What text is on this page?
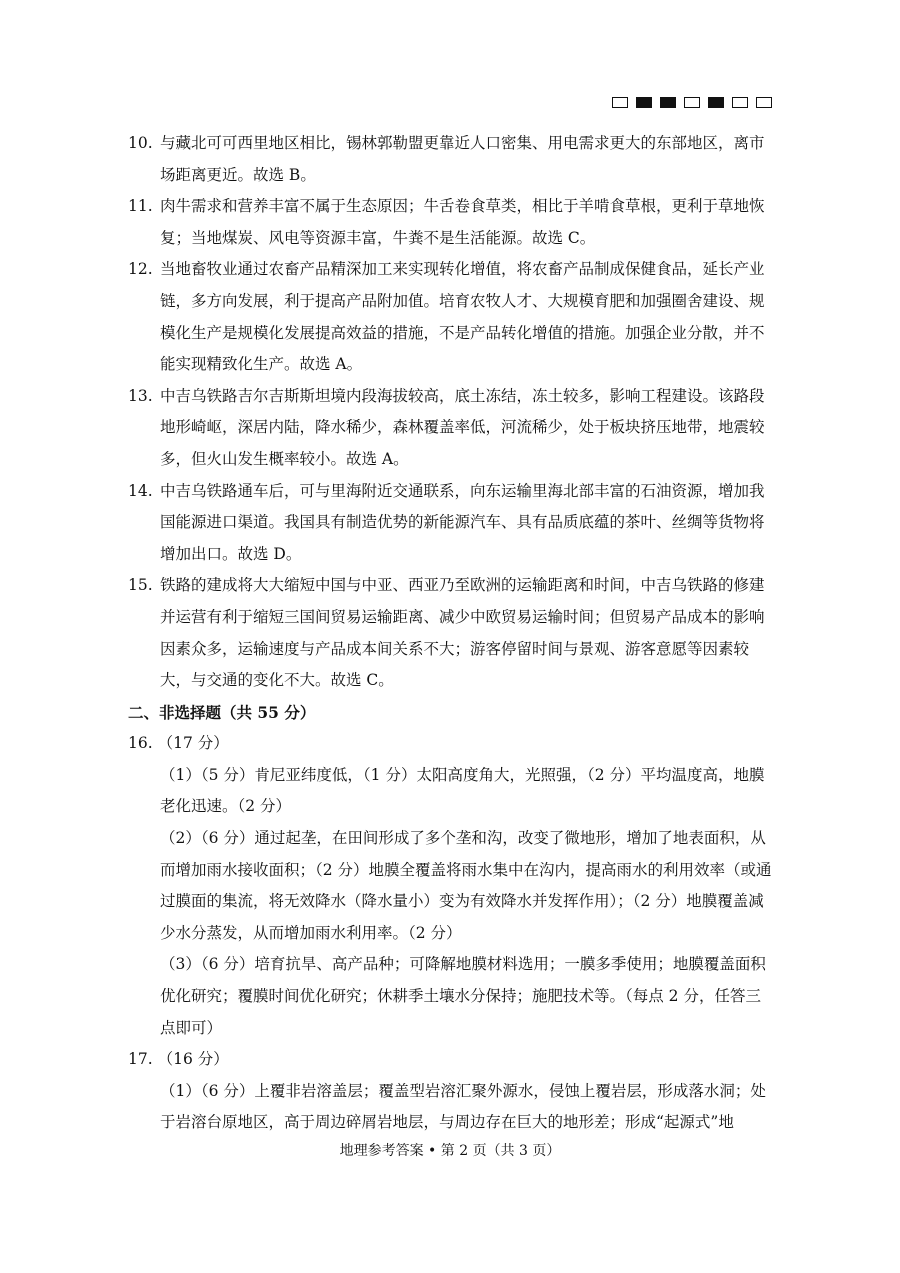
10. 与藏北可可西里地区相比，锡林郭勒盟更靠近人口密集、用电需求更大的东部地区，离市场距离更近。故选 B。
11. 肉牛需求和营养丰富不属于生态原因；牛舌卷食草类，相比于羊啃食草根，更利于草地恢复；当地煤炭、风电等资源丰富，牛粪不是生活能源。故选 C。
12. 当地畜牧业通过农畜产品精深加工来实现转化增值，将农畜产品制成保健食品，延长产业链，多方向发展，利于提高产品附加值。培育农牧人才、大规模育肥和加强圈舍建设、规模化生产是规模化发展提高效益的措施，不是产品转化增值的措施。加强企业分散，并不能实现精致化生产。故选 A。
13. 中吉乌铁路吉尔吉斯斯坦境内段海拔较高，底土冻结，冻土较多，影响工程建设。该路段地形崎岖，深居内陆，降水稀少，森林覆盖率低，河流稀少，处于板块挤压地带，地震较多，但火山发生概率较小。故选 A。
14. 中吉乌铁路通车后，可与里海附近交通联系，向东运输里海北部丰富的石油资源，增加我国能源进口渠道。我国具有制造优势的新能源汽车、具有品质底蕴的茶叶、丝绸等货物将增加出口。故选 D。
15. 铁路的建成将大大缩短中国与中亚、西亚乃至欧洲的运输距离和时间，中吉乌铁路的修建并运营有利于缩短三国间贸易运输距离、减少中欧贸易运输时间；但贸易产品成本的影响因素众多，运输速度与产品成本间关系不大；游客停留时间与景观、游客意愿等因素较大，与交通的变化不大。故选 C。
二、非选择题（共 55 分）
16. （17 分）
（1）（5 分）肯尼亚纬度低，（1 分）太阳高度角大，光照强，（2 分）平均温度高，地膜老化迅速。（2 分）
（2）（6 分）通过起垄，在田间形成了多个垄和沟，改变了微地形，增加了地表面积，从而增加雨水接收面积；（2 分）地膜全覆盖将雨水集中在沟内，提高雨水的利用效率（或通过膜面的集流，将无效降水（降水量小）变为有效降水并发挥作用）；（2 分）地膜覆盖减少水分蒸发，从而增加雨水利用率。（2 分）
（3）（6 分）培育抗旱、高产品种；可降解地膜材料选用；一膜多季使用；地膜覆盖面积优化研究；覆膜时间优化研究；休耕季土壤水分保持；施肥技术等。（每点 2 分，任答三点即可）
17. （16 分）
（1）（6 分）上覆非岩溶盖层；覆盖型岩溶汇聚外源水，侵蚀上覆岩层，形成落水洞；处于岩溶台原地区，高于周边碎屑岩地层，与周边存在巨大的地形差；形成“起源式”地
地理参考答案 • 第 2 页（共 3 页）
